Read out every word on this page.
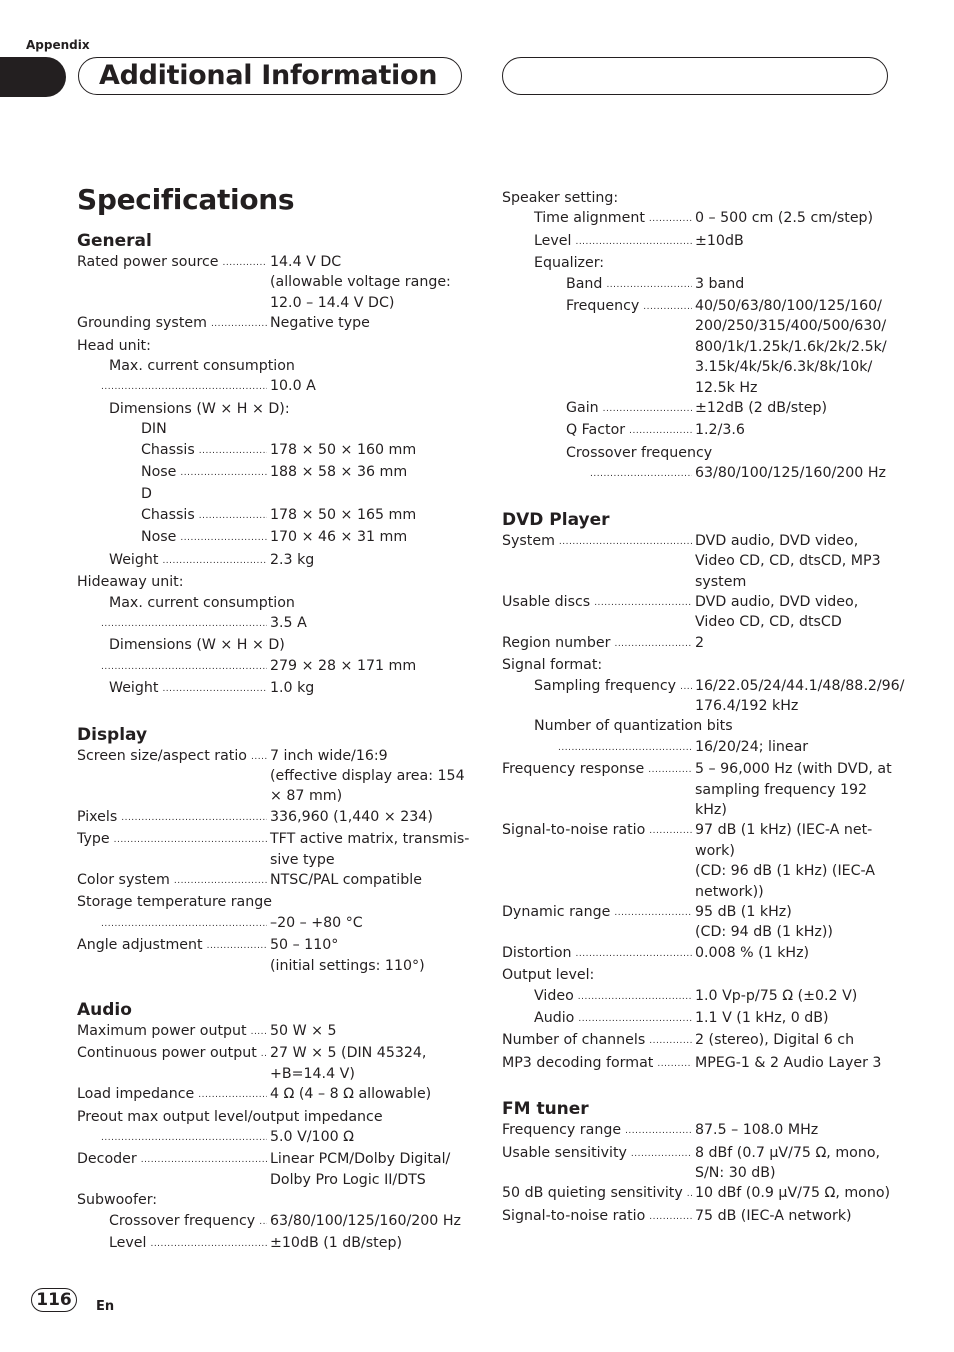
Appendix
Additional Information
Specifications
General
Rated power source .....	14.4 V DC
(allowable voltage range:
12.0 – 14.4 V DC)
Grounding system .....	Negative type
Head unit:
Max. current consumption
.....
10.0 A
Dimensions (W × H × D):
DIN
Chassis .....	178 × 50 × 160 mm
Nose .....	188 × 58 × 36 mm
D
Chassis .....	178 × 50 × 165 mm
Nose .....	170 × 46 × 31 mm
Weight .....	2.3 kg
Hideaway unit:
Max. current consumption
.....
3.5 A
Dimensions (W × H × D)
.....
279 × 28 × 171 mm
Weight .....	1.0 kg
Display
Screen size/aspect ratio ..... 7 inch wide/16:9
(effective display area: 154
× 87 mm)
Pixels .....	336,960 (1,440 × 234)
Type .....	TFT active matrix, transmis-
sive type
Color system .....	NTSC/PAL compatible
Storage temperature range
.....
–20 – +80 °C
Angle adjustment .....	50 – 110°
(initial settings: 110°)
Audio
Maximum power output ..... 50 W × 5
Continuous power output ..... 27 W × 5 (DIN 45324,
+B=14.4 V)
Load impedance .....	4 Ω (4 – 8 Ω allowable)
Preout max output level/output impedance
.....
5.0 V/100 Ω
Decoder .....	Linear PCM/Dolby Digital/
Dolby Pro Logic II/DTS
Subwoofer:
Crossover frequency ..... 63/80/100/125/160/200 Hz
Level .....	±10dB (1 dB/step)
Speaker setting:
Time alignment .....	0 – 500 cm (2.5 cm/step)
Level .....	±10dB
Equalizer:
Band .....	3 band
Frequency .....	40/50/63/80/100/125/160/
200/250/315/400/500/630/
800/1k/1.25k/1.6k/2k/2.5k/
3.15k/4k/5k/6.3k/8k/10k/
12.5k Hz
Gain .....	±12dB (2 dB/step)
Q Factor .....	1.2/3.6
Crossover frequency
.....
63/80/100/125/160/200 Hz
DVD Player
System .....	DVD audio, DVD video,
Video CD, CD, dtsCD, MP3
system
Usable discs .....	DVD audio, DVD video,
Video CD, CD, dtsCD
Region number .....	2
Signal format:
Sampling frequency ..... 16/22.05/24/44.1/48/88.2/96/
176.4/192 kHz
Number of quantization bits
.....
16/20/24; linear
Frequency response .....	5 – 96,000 Hz (with DVD, at
sampling frequency 192
kHz)
Signal-to-noise ratio .....	97 dB (1 kHz) (IEC-A net-
work)
(CD: 96 dB (1 kHz) (IEC-A
network))
Dynamic range .....	95 dB (1 kHz)
(CD: 94 dB (1 kHz))
Distortion .....	0.008 % (1 kHz)
Output level:
Video .....	1.0 Vp-p/75 Ω (±0.2 V)
Audio .....	1.1 V (1 kHz, 0 dB)
Number of channels .....	2 (stereo), Digital 6 ch
MP3 decoding format .....	MPEG-1 & 2 Audio Layer 3
FM tuner
Frequency range .....	87.5 – 108.0 MHz
Usable sensitivity .....	8 dBf (0.7 μV/75 Ω, mono,
S/N: 30 dB)
50 dB quieting sensitivity ..... 10 dBf (0.9 μV/75 Ω, mono)
Signal-to-noise ratio .....	75 dB (IEC-A network)
116	En
